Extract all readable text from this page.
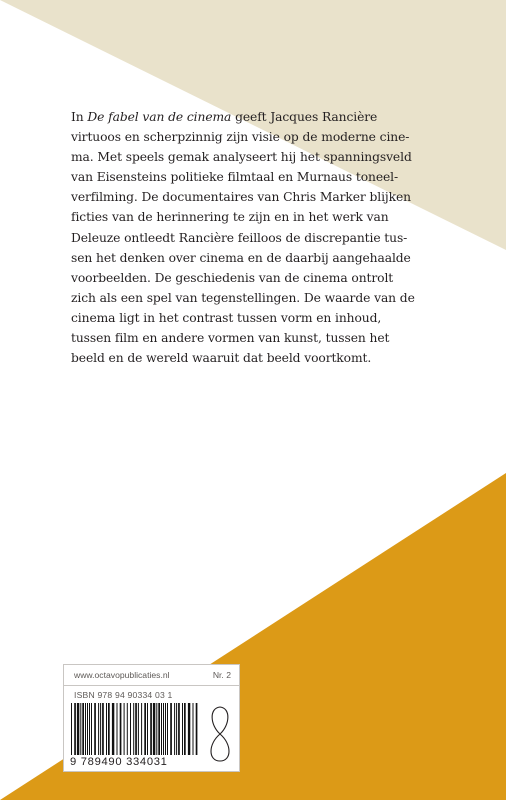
In De fabel van de cinema geeft Jacques Rancière
virtuoos en scherpzinnig zijn visie op de moderne cine-
ma. Met speels gemak analyseert hij het spanningsveld
van Eisensteins politieke filmtaal en Murnaus toneel-
verfilming. De documentaires van Chris Marker blijken
ficties van de herinnering te zijn en in het werk van
Deleuze ontleedt Rancière feilloos de discrepantie tus-
sen het denken over cinema en de daarbij aangehaalde
voorbeelden. De geschiedenis van de cinema ontrolt
zich als een spel van tegenstellingen. De waarde van de
cinema ligt in het contrast tussen vorm en inhoud,
tussen film en andere vormen van kunst, tussen het
beeld en de wereld waaruit dat beeld voortkomt.

www.octavopublicaties.nl	Nr. 2
ISBN 978 94 90334 03 1
9 789490 334031
